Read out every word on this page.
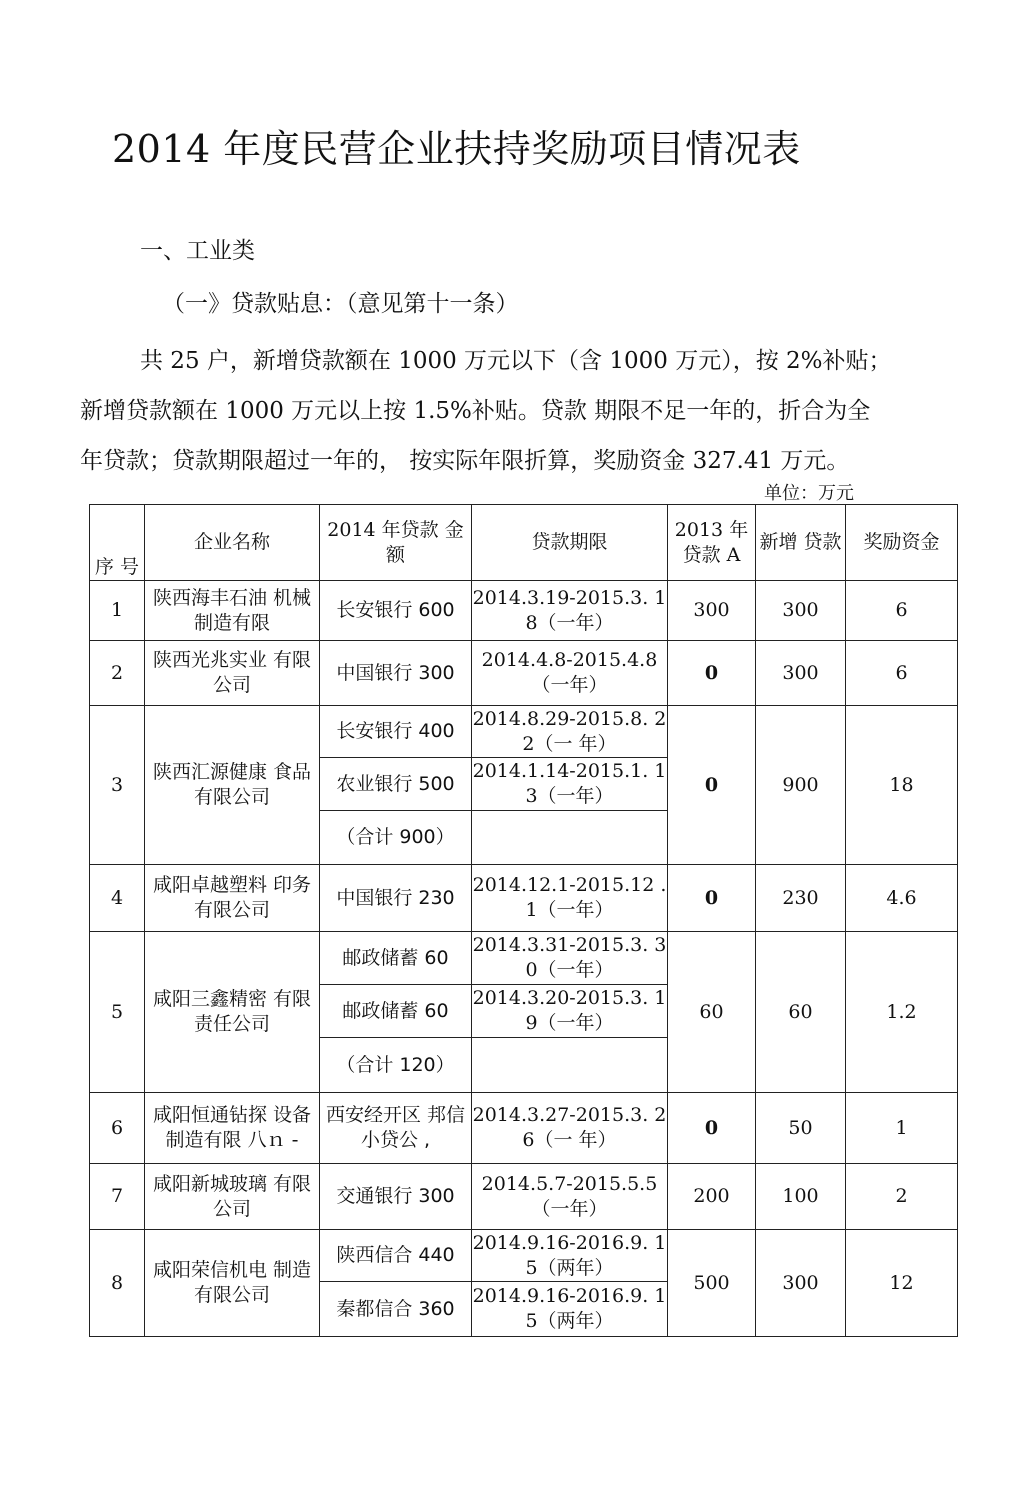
2014 年度民营企业扶持奖励项目情况表
一、工业类
（一》贷款贴息：（意见第十一条）
共 25 户，新增贷款额在 1000 万元以下（含 1000 万元），按 2%补贴；
新增贷款额在 1000 万元以上按 1.5%补贴。贷款 期限不足一年的，折合为全
年贷款；贷款期限超过一年的， 按实际年限折算，奖励资金 327.41 万元。
单位：万元
序 号	企业名称	2014 年贷款 金额	贷款期限	2013 年贷款 A	新增 贷款	奖励资金
1	陕西海丰石油 机械制造有限	长安银行 600	2014.3.19-2015.3. 18（一年）	300	300	6
2	陕西光兆实业 有限公司	中国银行 300	2014.4.8-2015.4.8 （一年）	0	300	6
3	陕西汇源健康 食品有限公司	长安银行 400	2014.8.29-2015.8. 22（一 年）	0	900	18
		农业银行 500	2014.1.14-2015.1. 13（一年）			
		（合计 900）				
4	咸阳卓越塑料 印务有限公司	中国银行 230	2014.12.1-2015.12 .1（一年）	0	230	4.6
5	咸阳三鑫精密 有限责任公司	邮政储蓄 60	2014.3.31-2015.3. 30（一年）	60	60	1.2
		邮政储蓄 60	2014.3.20-2015.3. 19（一年）			
		（合计 120）				
6	咸阳恒通钻探 设备制造有限 八ｎ -	西安经开区 邦信小贷公 ,	2014.3.27-2015.3. 26（一 年）	0	50	1
7	咸阳新城玻璃 有限公司	交通银行 300	2014.5.7-2015.5.5 （一年）	200	100	2
8	咸阳荣信机电 制造有限公司	陕西信合 440	2014.9.16-2016.9. 15（两年）	500	300	12
		秦都信合 360	2014.9.16-2016.9. 15（两年）			
